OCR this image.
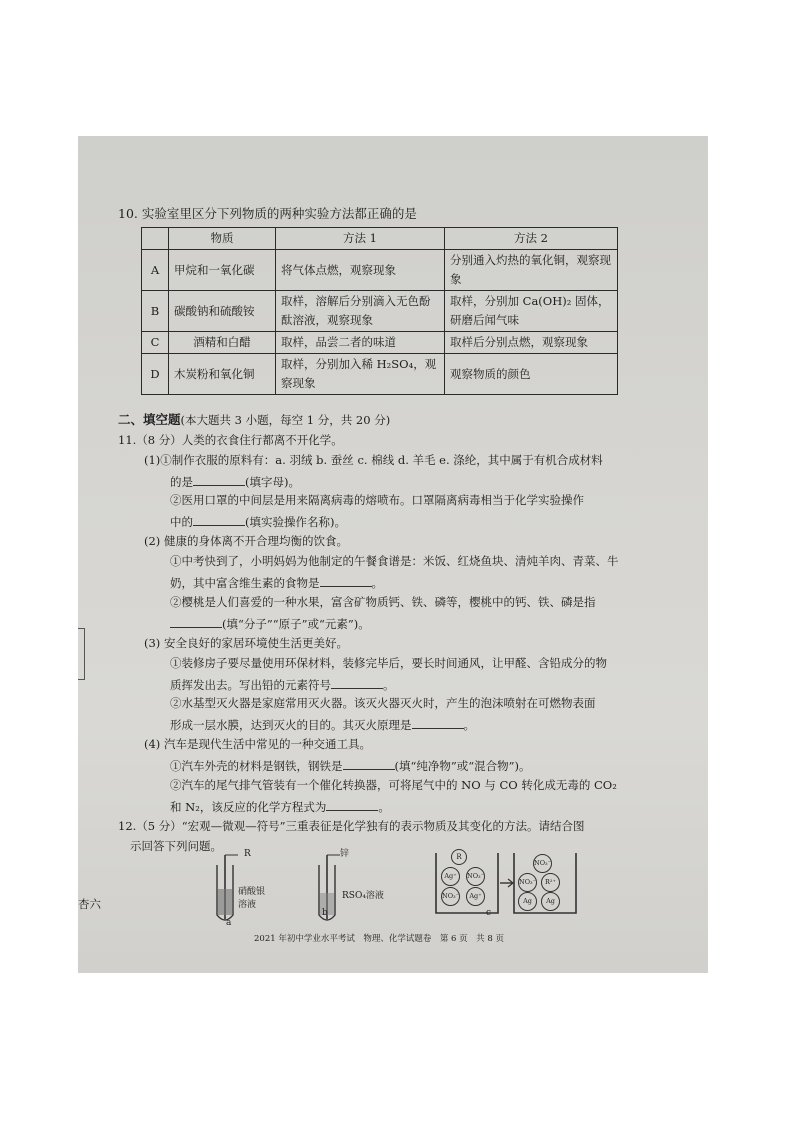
10. 实验室里区分下列物质的两种实验方法都正确的是
	物质	方法 1	方法 2
A	甲烷和一氧化碳	将气体点燃，观察现象	分别通入灼热的氧化铜，观察现象
B	碳酸钠和硫酸铵	取样，溶解后分别滴入无色酚酞溶液，观察现象	取样，分别加 Ca(OH)₂ 固体，研磨后闻气味
C	酒精和白醋	取样，品尝二者的味道	取样后分别点燃，观察现象
D	木炭粉和氧化铜	取样，分别加入稀 H₂SO₄，观察现象	观察物质的颜色
二、填空题(本大题共 3 小题，每空 1 分，共 20 分)
11.（8 分）人类的衣食住行都离不开化学。
(1)①制作衣服的原料有：a. 羽绒 b. 蚕丝 c. 棉线 d. 羊毛 e. 涤纶，其中属于有机合成材料
的是	(填字母)。
②医用口罩的中间层是用来隔离病毒的熔喷布。口罩隔离病毒相当于化学实验操作
中的	(填实验操作名称)。
(2) 健康的身体离不开合理均衡的饮食。
①中考快到了，小明妈妈为他制定的午餐食谱是：米饭、红烧鱼块、清炖羊肉、青菜、牛
奶，其中富含维生素的食物是	。
②樱桃是人们喜爱的一种水果，富含矿物质钙、铁、磷等，樱桃中的钙、铁、磷是指
(填“分子”“原子”或“元素”)。
(3) 安全良好的家居环境使生活更美好。
①装修房子要尽量使用环保材料，装修完毕后，要长时间通风，让甲醛、含铅成分的物
质挥发出去。写出铅的元素符号	。
②水基型灭火器是家庭常用灭火器。该灭火器灭火时，产生的泡沫喷射在可燃物表面
形成一层水膜，达到灭火的目的。其灭火原理是	。
(4) 汽车是现代生活中常见的一种交通工具。
①汽车外壳的材料是钢铁，钢铁是	(填“纯净物”或“混合物”)。
②汽车的尾气排气管装有一个催化转换器，可将尾气中的 NO 与 CO 转化成无毒的 CO₂
和 N₂，该反应的化学方程式为	。
12.（5 分）“宏观—微观—符号”三重表征是化学独有的表示物质及其变化的方法。请结合图
示回答下列问题。
R
硝酸银
溶液
a
锌
RSO₄溶液
b
R
Ag⁺	NO₃⁻
NO₃⁻	Ag⁺
NO₃⁻
NO₃⁻	R²⁺
Ag	Ag
c
杏六
2021 年初中学业水平考试　物理、化学试题卷　第 6 页　共 8 页
